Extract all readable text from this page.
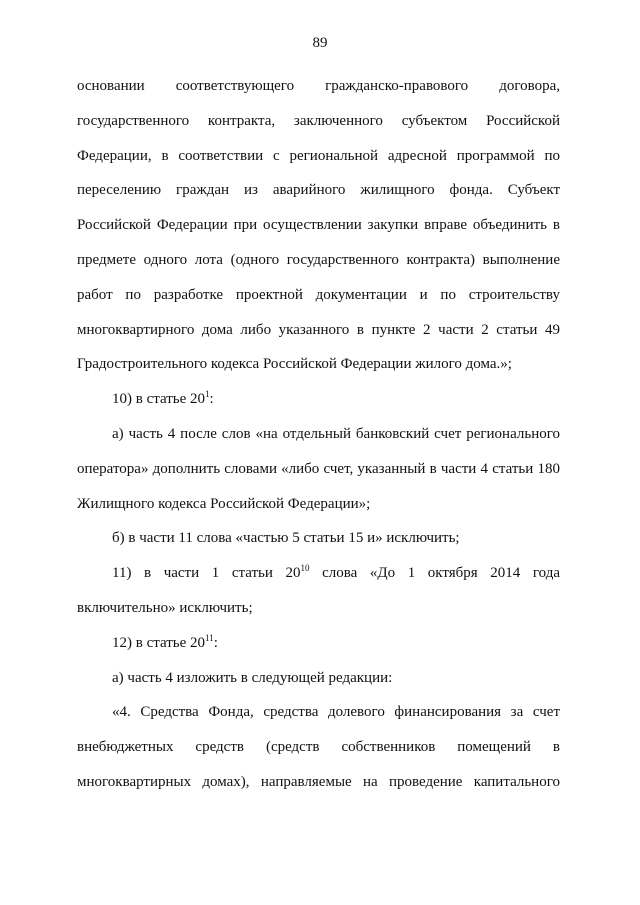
89
основании соответствующего гражданско-правового договора,
государственного контракта, заключенного субъектом Российской
Федерации, в соответствии с региональной адресной программой по
переселению граждан из аварийного жилищного фонда. Субъект
Российской Федерации при осуществлении закупки вправе объединить в
предмете одного лота (одного государственного контракта) выполнение
работ по разработке проектной документации и по строительству
многоквартирного дома либо указанного в пункте 2 части 2 статьи 49
Градостроительного кодекса Российской Федерации жилого дома.»;
10) в статье $20^1$:
а) часть 4 после слов «на отдельный банковский счет регионального
оператора» дополнить словами «либо счет, указанный в части 4 статьи 180
Жилищного кодекса Российской Федерации»;
б) в части 11 слова «частью 5 статьи 15 и» исключить;
11) в части 1 статьи $20^{10}$ слова «До 1 октября 2014 года
включительно» исключить;
12) в статье $20^{11}$:
а) часть 4 изложить в следующей редакции:
«4. Средства Фонда, средства долевого финансирования за счет
внебюджетных средств (средств собственников помещений в
многоквартирных домах), направляемые на проведение капитального
